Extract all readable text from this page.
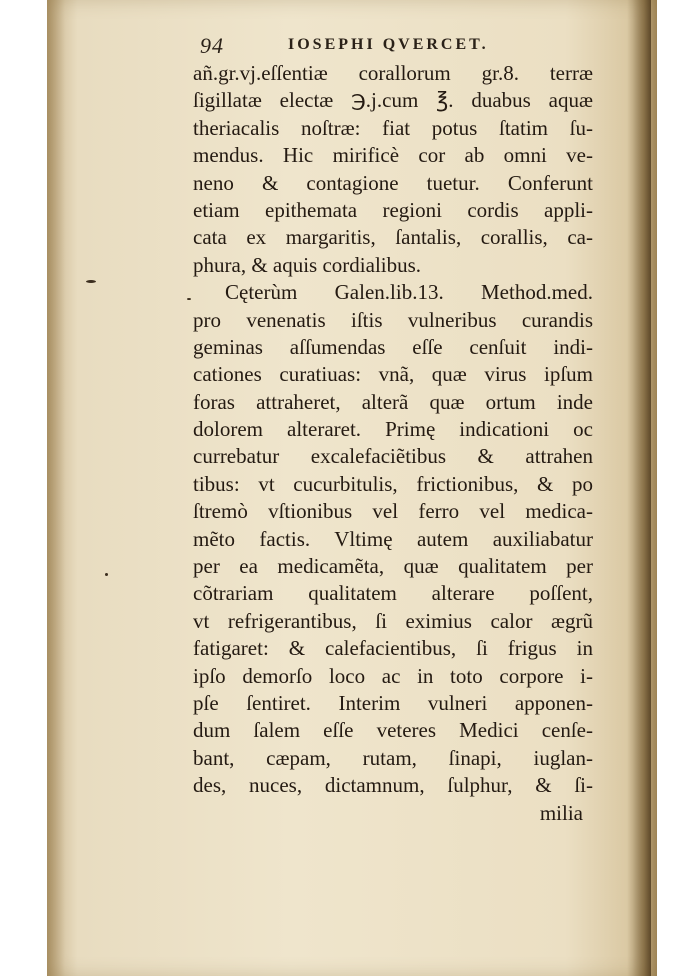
94	IOSEPHI QVERCET.
añ.gr.vj.eſſentiæ corallorum gr.8. terræ
ſigillatæ electæ ℈.j.cum ℥. duabus aquæ
theriacalis noſtræ: fiat potus ſtatim ſu-
mendus. Hic mirificè cor ab omni ve-
neno & contagione tuetur. Conferunt
etiam epithemata regioni cordis appli-
cata ex margaritis, ſantalis, corallis, ca-
phura, & aquis cordialibus.
Cęterùm Galen.lib.13. Method.med.
pro venenatis iſtis vulneribus curandis
geminas aſſumendas eſſe cenſuit indi-
cationes curatiuas: vnã, quæ virus ipſum
foras attraheret, alterã quæ ortum inde
dolorem alteraret. Primę indicationi oc
currebatur excalefaciẽtibus & attrahen
tibus: vt cucurbitulis, frictionibus, & po
ſtremò vſtionibus vel ferro vel medica-
mẽto factis. Vltimę autem auxiliabatur
per ea medicamẽta, quæ qualitatem per
cõtrariam qualitatem alterare poſſent,
vt refrigerantibus, ſi eximius calor ægrũ
fatigaret: & calefacientibus, ſi frigus in
ipſo demorſo loco ac in toto corpore i-
pſe ſentiret. Interim vulneri apponen-
dum ſalem eſſe veteres Medici cenſe-
bant, cæpam, rutam, ſinapi, iuglan-
des, nuces, dictamnum, ſulphur, & ſi-
milia
